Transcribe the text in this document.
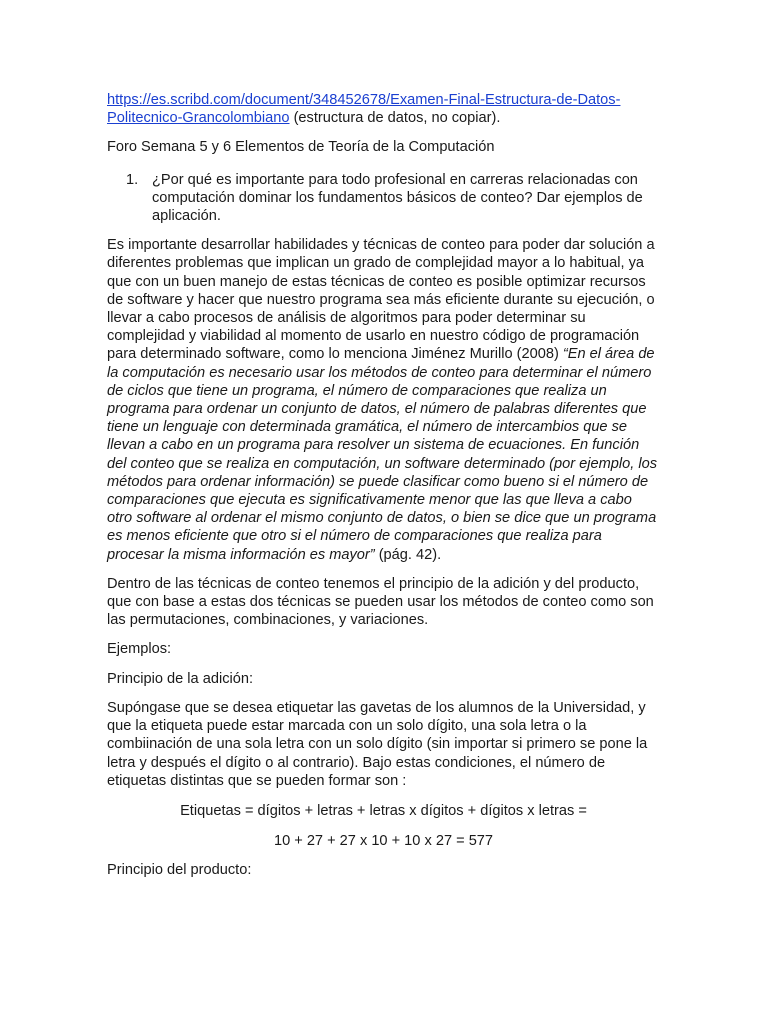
https://es.scribd.com/document/348452678/Examen-Final-Estructura-de-Datos-
Politecnico-Grancolombiano (estructura de datos, no copiar).

Foro Semana 5 y 6 Elementos de Teoría de la Computación

1. ¿Por qué es importante para todo profesional en carreras relacionadas con computación dominar los fundamentos básicos de conteo? Dar ejemplos de aplicación.

Es importante desarrollar habilidades y técnicas de conteo para poder dar solución a diferentes problemas que implican un grado de complejidad mayor a lo habitual, ya que con un buen manejo de estas técnicas de conteo es posible optimizar recursos de software y hacer que nuestro programa sea más eficiente durante su ejecución, o llevar a cabo procesos de análisis de algoritmos para poder determinar su complejidad y viabilidad al momento de usarlo en nuestro código de programación para determinado software, como lo menciona Jiménez Murillo (2008) “En el área de la computación es necesario usar los métodos de conteo para determinar el número de ciclos que tiene un programa, el número de comparaciones que realiza un programa para ordenar un conjunto de datos, el número de palabras diferentes que tiene un lenguaje con determinada gramática, el número de intercambios que se llevan a cabo en un programa para resolver un sistema de ecuaciones. En función del conteo que se realiza en computación, un software determinado (por ejemplo, los métodos para ordenar información) se puede clasificar como bueno si el número de comparaciones que ejecuta es significativamente menor que las que lleva a cabo otro software al ordenar el mismo conjunto de datos, o bien se dice que un programa es menos eficiente que otro si el número de comparaciones que realiza para procesar la misma información es mayor” (pág. 42).

Dentro de las técnicas de conteo tenemos el principio de la adición y del producto, que con base a estas dos técnicas se pueden usar los métodos de conteo como son las permutaciones, combinaciones, y variaciones.

Ejemplos:

Principio de la adición:

Supóngase que se desea etiquetar las gavetas de los alumnos de la Universidad, y que la etiqueta puede estar marcada con un solo dígito, una sola letra o la combiinación de una sola letra con un solo dígito (sin importar si primero se pone la letra y después el dígito o al contrario). Bajo estas condiciones, el número de etiquetas distintas que se pueden formar son :

Etiquetas = dígitos + letras + letras x dígitos + dígitos x letras =

10 + 27 + 27 x 10 + 10 x 27 = 577

Principio del producto:
